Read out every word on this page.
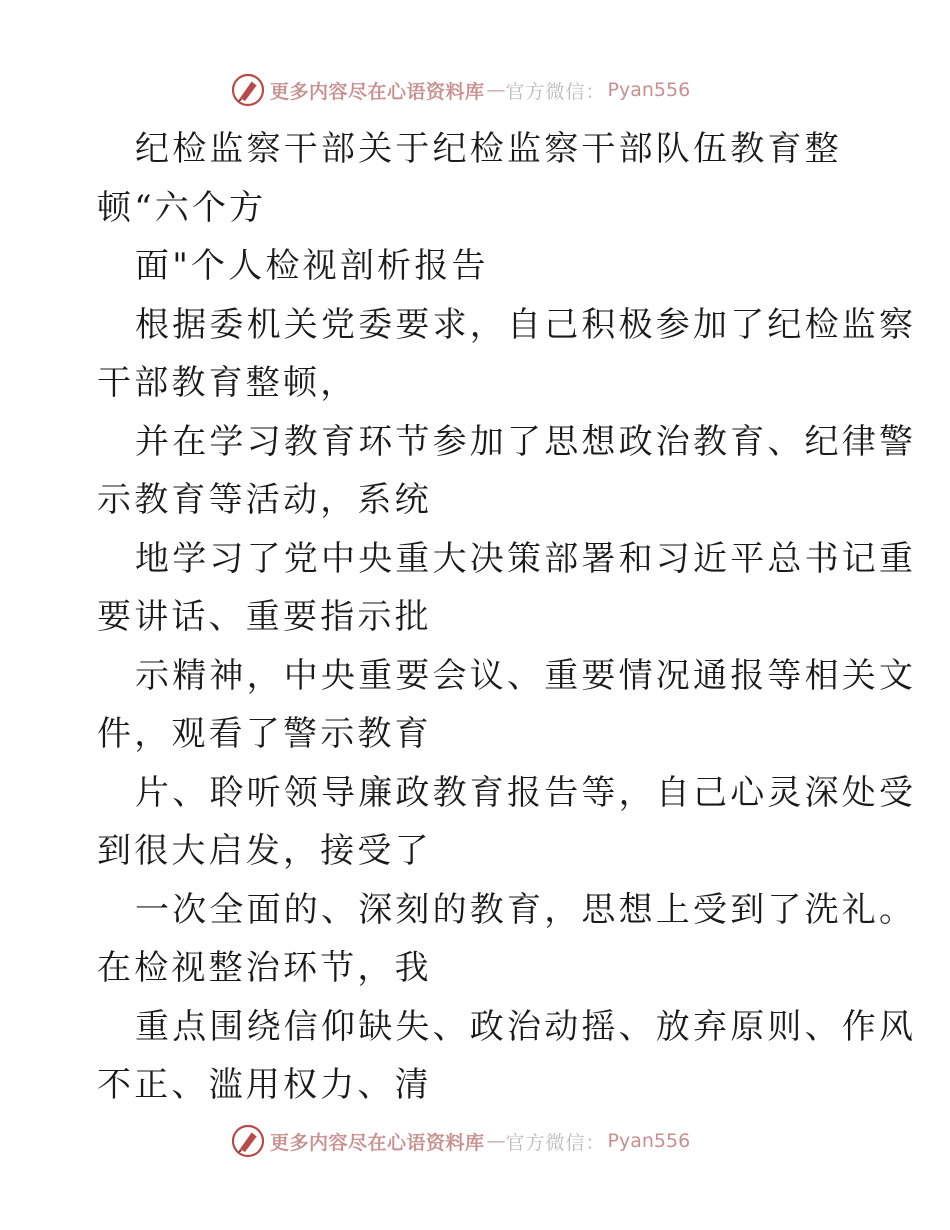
更多内容尽在心语资料库 — 官方微信： Pyan556
纪检监察干部关于纪检监察干部队伍教育整
顿“六个方
面"个人检视剖析报告
根据委机关党委要求，自己积极参加了纪检监察
干部教育整顿，
并在学习教育环节参加了思想政治教育、纪律警
示教育等活动，系统
地学习了党中央重大决策部署和习近平总书记重
要讲话、重要指示批
示精神，中央重要会议、重要情况通报等相关文
件，观看了警示教育
片、聆听领导廉政教育报告等，自己心灵深处受
到很大启发，接受了
一次全面的、深刻的教育，思想上受到了洗礼。
在检视整治环节，我
重点围绕信仰缺失、政治动摇、放弃原则、作风
不正、滥用权力、清
更多内容尽在心语资料库 — 官方微信： Pyan556
